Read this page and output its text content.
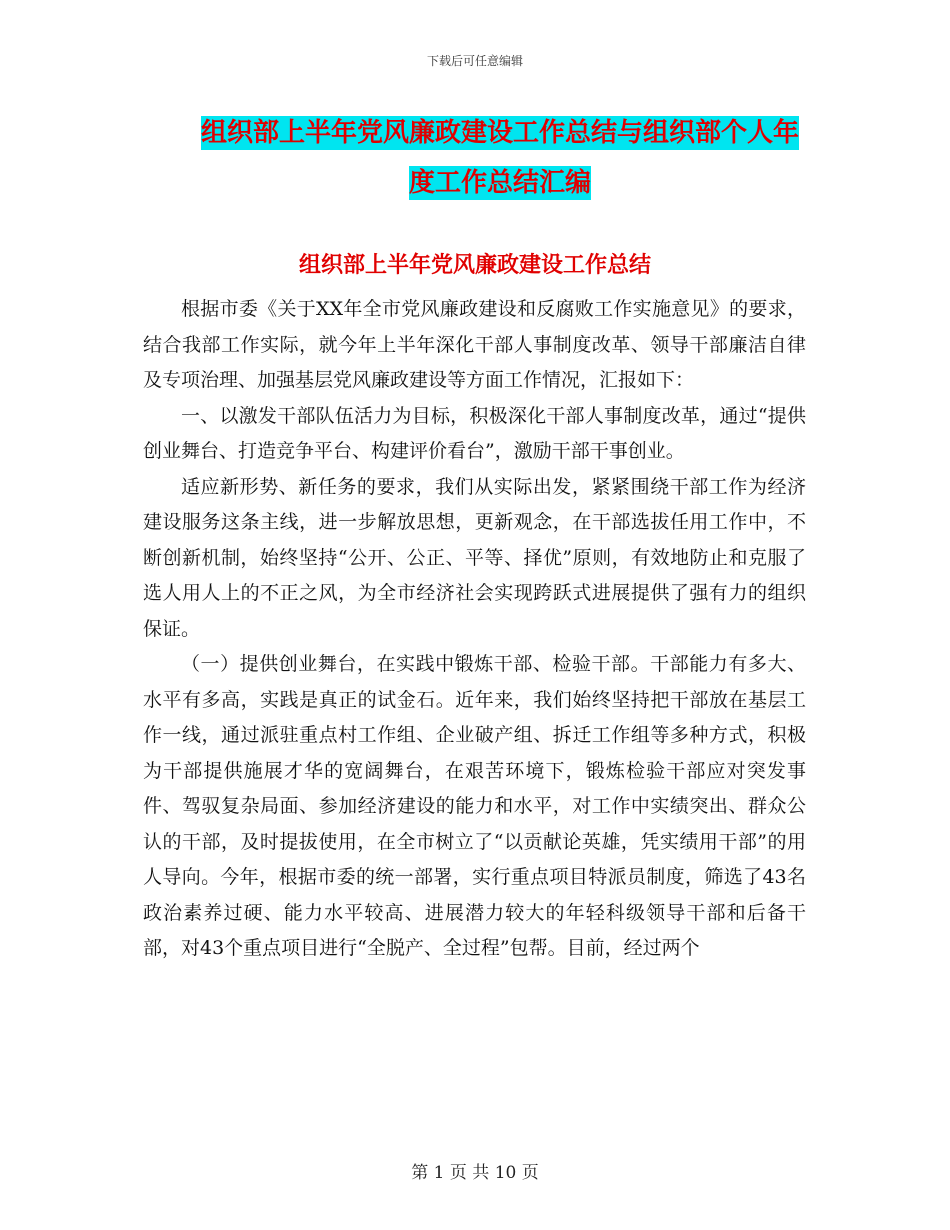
下载后可任意编辑
组织部上半年党风廉政建设工作总结与组织部个人年
度工作总结汇编
组织部上半年党风廉政建设工作总结

根据市委《关于XX年全市党风廉政建设和反腐败工作实施意见》的要求，结合我部工作实际，就今年上半年深化干部人事制度改革、领导干部廉洁自律及专项治理、加强基层党风廉政建设等方面工作情况，汇报如下：

一、以激发干部队伍活力为目标，积极深化干部人事制度改革，通过“提供创业舞台、打造竞争平台、构建评价看台”，激励干部干事创业。

适应新形势、新任务的要求，我们从实际出发，紧紧围绕干部工作为经济建设服务这条主线，进一步解放思想，更新观念，在干部选拔任用工作中，不断创新机制，始终坚持“公开、公正、平等、择优”原则，有效地防止和克服了选人用人上的不正之风，为全市经济社会实现跨跃式进展提供了强有力的组织保证。

（一）提供创业舞台，在实践中锻炼干部、检验干部。干部能力有多大、水平有多高，实践是真正的试金石。近年来，我们始终坚持把干部放在基层工作一线，通过派驻重点村工作组、企业破产组、拆迁工作组等多种方式，积极为干部提供施展才华的宽阔舞台，在艰苦环境下，锻炼检验干部应对突发事件、驾驭复杂局面、参加经济建设的能力和水平，对工作中实绩突出、群众公认的干部，及时提拔使用，在全市树立了“以贡献论英雄，凭实绩用干部”的用人导向。今年，根据市委的统一部署，实行重点项目特派员制度，筛选了43名政治素养过硬、能力水平较高、进展潜力较大的年轻科级领导干部和后备干部，对43个重点项目进行“全脱产、全过程”包帮。目前，经过两个

第 1 页 共 10 页
